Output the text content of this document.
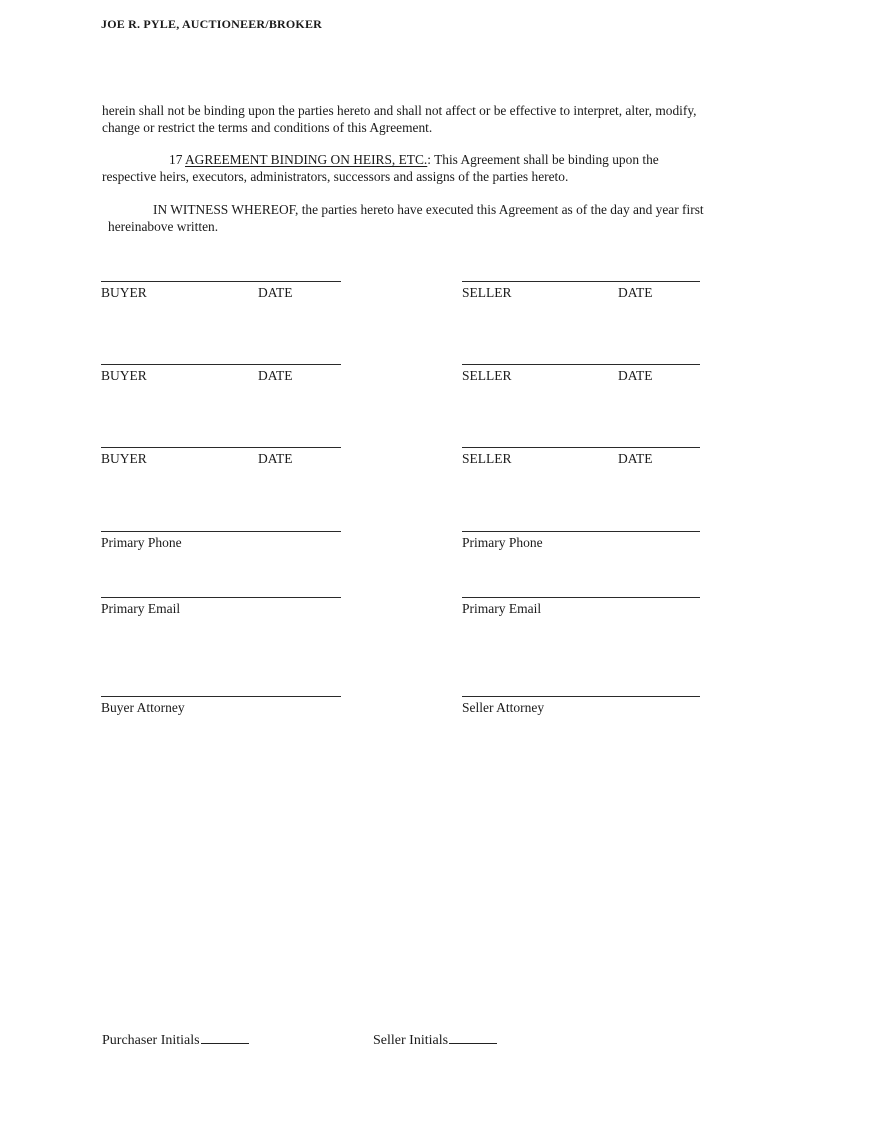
JOE R. PYLE, AUCTIONEER/BROKER
herein shall not be binding upon the parties hereto and shall not affect or be effective to interpret, alter, modify,
change or restrict the terms and conditions of this Agreement.
17 AGREEMENT BINDING ON HEIRS, ETC.: This Agreement shall be binding upon the
respective heirs, executors, administrators, successors and assigns of the parties hereto.
IN WITNESS WHEREOF, the parties hereto have executed this Agreement as of the day and year first
hereinabove written.
BUYER	DATE	SELLER	DATE
BUYER	DATE	SELLER	DATE
BUYER	DATE	SELLER	DATE
Primary Phone	Primary Phone
Primary Email	Primary Email
Buyer Attorney	Seller Attorney
Purchaser Initials	Seller Initials
